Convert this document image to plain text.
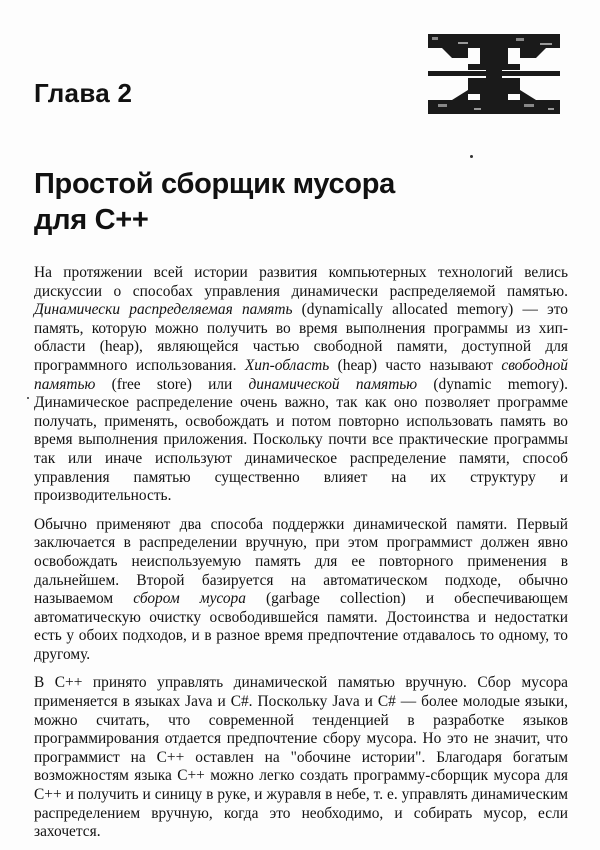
Глава 2
Простой сборщик мусора
для C++

На протяжении всей истории развития компьютерных технологий велись дискуссии о способах управления динамически распределяемой памятью. Динамически распределяемая память (dynamically allocated memory) — это память, которую можно получить во время выполнения программы из хип-области (heap), являющейся частью свободной памяти, доступной для программного использования. Хип-область (heap) часто называют свободной памятью (free store) или динамической памятью (dynamic memory). Динамическое распределение очень важно, так как оно позволяет программе получать, применять, освобождать и потом повторно использовать память во время выполнения приложения. Поскольку почти все практические программы так или иначе используют динамическое распределение памяти, способ управления памятью существенно влияет на их структуру и производительность.

Обычно применяют два способа поддержки динамической памяти. Первый заключается в распределении вручную, при этом программист должен явно освобождать неиспользуемую память для ее повторного применения в дальнейшем. Второй базируется на автоматическом подходе, обычно называемом сбором мусора (garbage collection) и обеспечивающем автоматическую очистку освободившейся памяти. Достоинства и недостатки есть у обоих подходов, и в разное время предпочтение отдавалось то одному, то другому.

В C++ принято управлять динамической памятью вручную. Сбор мусора применяется в языках Java и C#. Поскольку Java и C# — более молодые языки, можно считать, что современной тенденцией в разработке языков программирования отдается предпочтение сбору мусора. Но это не значит, что программист на C++ оставлен на "обочине истории". Благодаря богатым возможностям языка C++ можно легко создать программу-сборщик мусора для C++ и получить и синицу в руке, и журавля в небе, т. е. управлять динамическим распределением вручную, когда это необходимо, и собирать мусор, если захочется.
